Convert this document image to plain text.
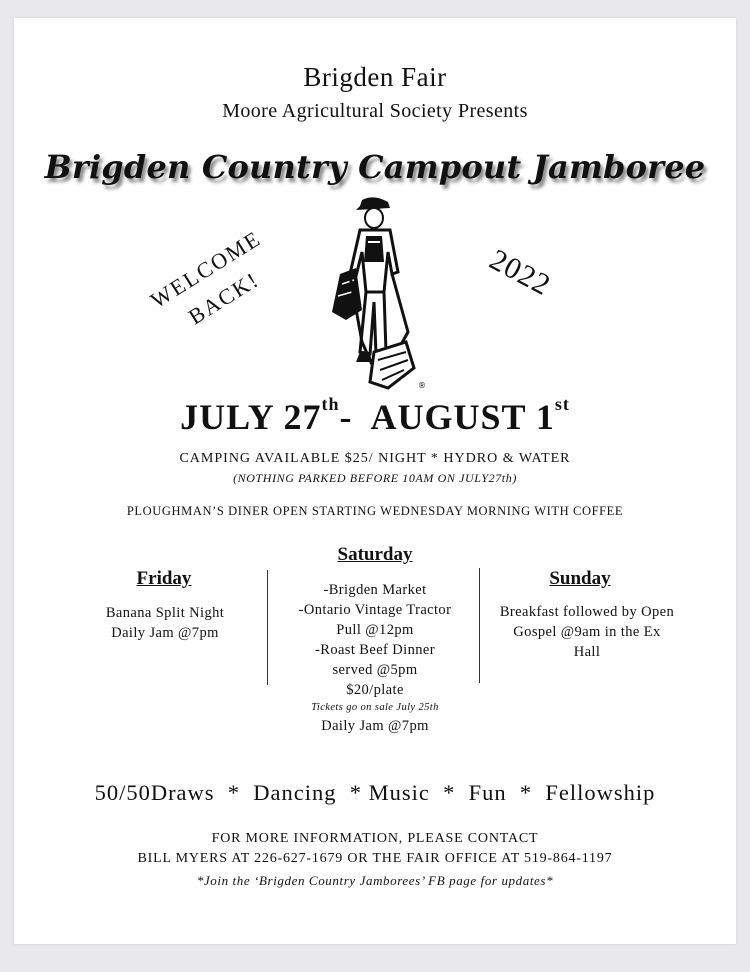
Brigden Fair
Moore Agricultural Society Presents
Brigden Country Campout Jamboree
WELCOME BACK!	2022
®
JULY 27th- AUGUST 1st
CAMPING AVAILABLE $25/ NIGHT * HYDRO & WATER
(NOTHING PARKED BEFORE 10AM ON JULY27th)
PLOUGHMAN’S DINER OPEN STARTING WEDNESDAY MORNING WITH COFFEE
Friday
Banana Split Night
Daily Jam @7pm
Saturday
-Brigden Market
-Ontario Vintage Tractor
Pull @12pm
-Roast Beef Dinner
served @5pm
$20/plate
Tickets go on sale July 25th
Daily Jam @7pm
Sunday
Breakfast followed by Open
Gospel @9am in the Ex
Hall
50/50Draws  *  Dancing  * Music  *  Fun  *  Fellowship
FOR MORE INFORMATION, PLEASE CONTACT
BILL MYERS AT 226-627-1679 OR THE FAIR OFFICE AT 519-864-1197
*Join the ‘Brigden Country Jamborees’ FB page for updates*
